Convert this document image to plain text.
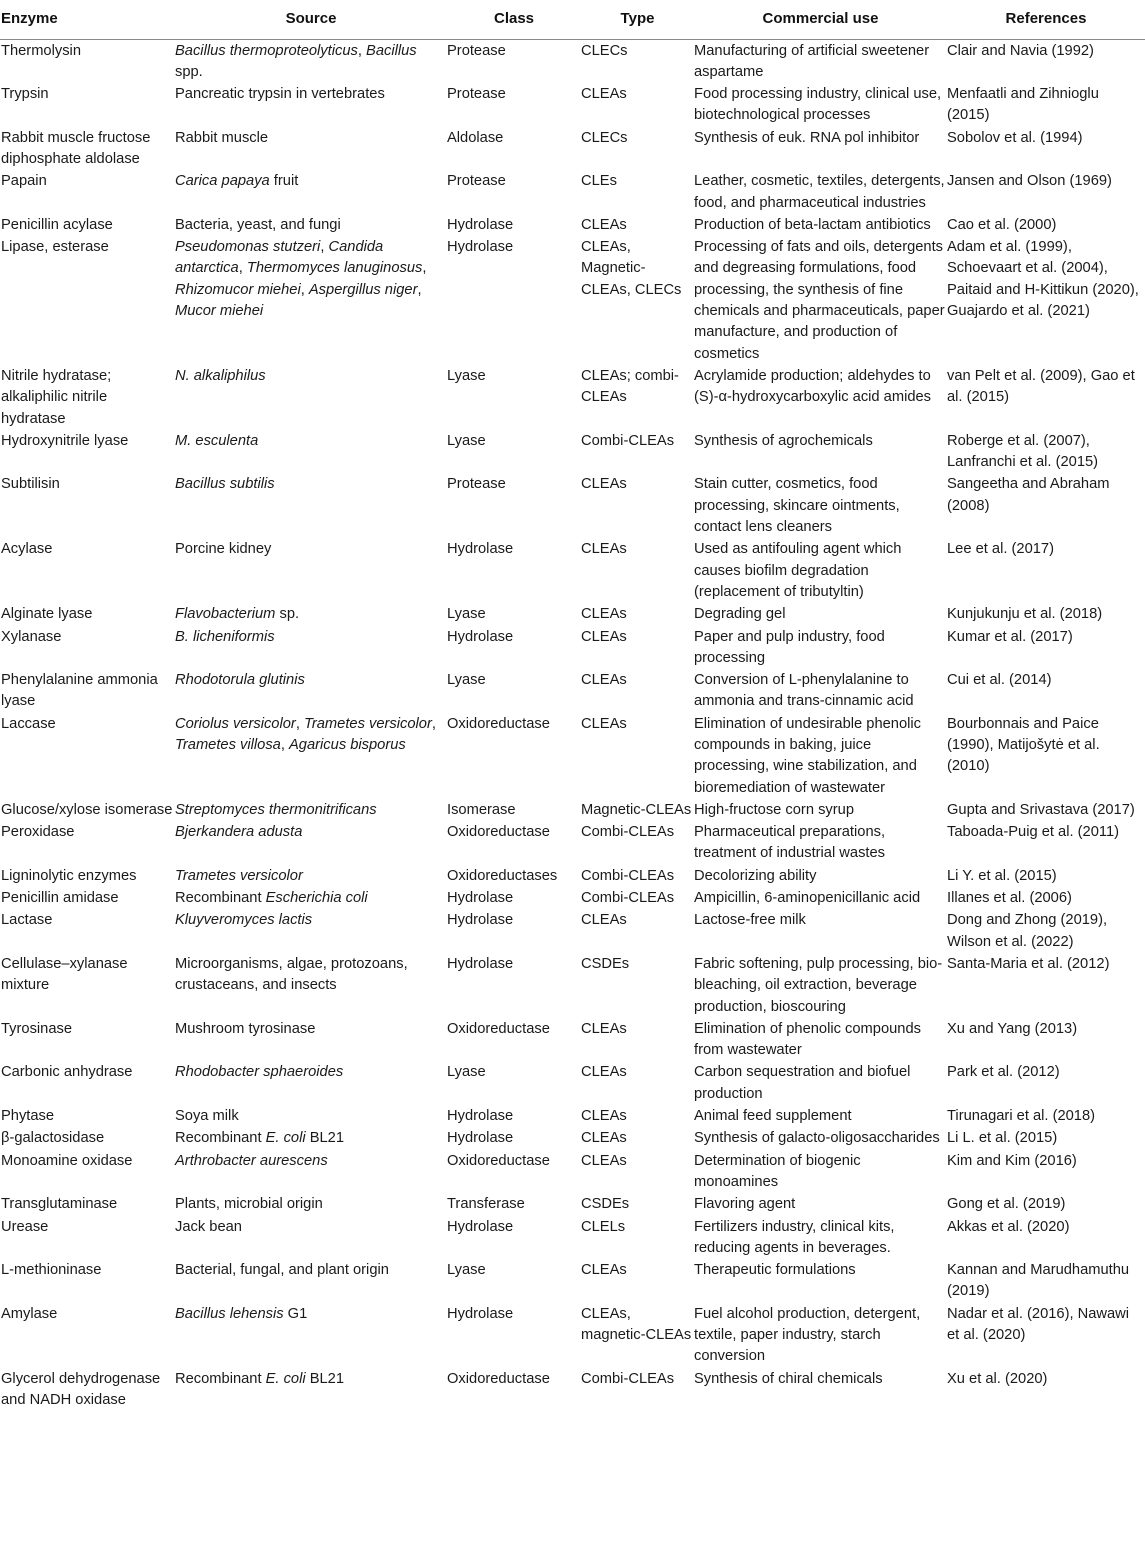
Enzyme	Source	Class	Type	Commercial use	References
Thermolysin	Bacillus thermoproteolyticus, Bacillus spp.	Protease	CLECs	Manufacturing of artificial sweetener aspartame	Clair and Navia (1992)
Trypsin	Pancreatic trypsin in vertebrates	Protease	CLEAs	Food processing industry, clinical use, biotechnological processes	Menfaatli and Zihnioglu (2015)
Rabbit muscle fructose diphosphate aldolase	Rabbit muscle	Aldolase	CLECs	Synthesis of euk. RNA pol inhibitor	Sobolov et al. (1994)
Papain	Carica papaya fruit	Protease	CLEs	Leather, cosmetic, textiles, detergents, food, and pharmaceutical industries	Jansen and Olson (1969)
Penicillin acylase	Bacteria, yeast, and fungi	Hydrolase	CLEAs	Production of beta-lactam antibiotics	Cao et al. (2000)
Lipase, esterase	Pseudomonas stutzeri, Candida antarctica, Thermomyces lanuginosus, Rhizomucor miehei, Aspergillus niger, Mucor miehei	Hydrolase	CLEAs, Magnetic-CLEAs, CLECs	Processing of fats and oils, detergents and degreasing formulations, food processing, the synthesis of fine chemicals and pharmaceuticals, paper manufacture, and production of cosmetics	Adam et al. (1999), Schoevaart et al. (2004), Paitaid and H-Kittikun (2020), Guajardo et al. (2021)
Nitrile hydratase; alkaliphilic nitrile hydratase	N. alkaliphilus	Lyase	CLEAs; combi-CLEAs	Acrylamide production; aldehydes to (S)-α-hydroxycarboxylic acid amides	van Pelt et al. (2009), Gao et al. (2015)
Hydroxynitrile lyase	M. esculenta	Lyase	Combi-CLEAs	Synthesis of agrochemicals	Roberge et al. (2007), Lanfranchi et al. (2015)
Subtilisin	Bacillus subtilis	Protease	CLEAs	Stain cutter, cosmetics, food processing, skincare ointments, contact lens cleaners	Sangeetha and Abraham (2008)
Acylase	Porcine kidney	Hydrolase	CLEAs	Used as antifouling agent which causes biofilm degradation (replacement of tributyltin)	Lee et al. (2017)
Alginate lyase	Flavobacterium sp.	Lyase	CLEAs	Degrading gel	Kunjukunju et al. (2018)
Xylanase	B. licheniformis	Hydrolase	CLEAs	Paper and pulp industry, food processing	Kumar et al. (2017)
Phenylalanine ammonia lyase	Rhodotorula glutinis	Lyase	CLEAs	Conversion of L-phenylalanine to ammonia and trans-cinnamic acid	Cui et al. (2014)
Laccase	Coriolus versicolor, Trametes versicolor, Trametes villosa, Agaricus bisporus	Oxidoreductase	CLEAs	Elimination of undesirable phenolic compounds in baking, juice processing, wine stabilization, and bioremediation of wastewater	Bourbonnais and Paice (1990), Matijošytė et al. (2010)
Glucose/xylose isomerase	Streptomyces thermonitrificans	Isomerase	Magnetic-CLEAs	High-fructose corn syrup	Gupta and Srivastava (2017)
Peroxidase	Bjerkandera adusta	Oxidoreductase	Combi-CLEAs	Pharmaceutical preparations, treatment of industrial wastes	Taboada-Puig et al. (2011)
Ligninolytic enzymes	Trametes versicolor	Oxidoreductases	Combi-CLEAs	Decolorizing ability	Li Y. et al. (2015)
Penicillin amidase	Recombinant Escherichia coli	Hydrolase	Combi-CLEAs	Ampicillin, 6-aminopenicillanic acid	Illanes et al. (2006)
Lactase	Kluyveromyces lactis	Hydrolase	CLEAs	Lactose-free milk	Dong and Zhong (2019), Wilson et al. (2022)
Cellulase–xylanase mixture	Microorganisms, algae, protozoans, crustaceans, and insects	Hydrolase	CSDEs	Fabric softening, pulp processing, bio-bleaching, oil extraction, beverage production, bioscouring	Santa-Maria et al. (2012)
Tyrosinase	Mushroom tyrosinase	Oxidoreductase	CLEAs	Elimination of phenolic compounds from wastewater	Xu and Yang (2013)
Carbonic anhydrase	Rhodobacter sphaeroides	Lyase	CLEAs	Carbon sequestration and biofuel production	Park et al. (2012)
Phytase	Soya milk	Hydrolase	CLEAs	Animal feed supplement	Tirunagari et al. (2018)
β-galactosidase	Recombinant E. coli BL21	Hydrolase	CLEAs	Synthesis of galacto-oligosaccharides	Li L. et al. (2015)
Monoamine oxidase	Arthrobacter aurescens	Oxidoreductase	CLEAs	Determination of biogenic monoamines	Kim and Kim (2016)
Transglutaminase	Plants, microbial origin	Transferase	CSDEs	Flavoring agent	Gong et al. (2019)
Urease	Jack bean	Hydrolase	CLELs	Fertilizers industry, clinical kits, reducing agents in beverages.	Akkas et al. (2020)
L-methioninase	Bacterial, fungal, and plant origin	Lyase	CLEAs	Therapeutic formulations	Kannan and Marudhamuthu (2019)
Amylase	Bacillus lehensis G1	Hydrolase	CLEAs, magnetic-CLEAs	Fuel alcohol production, detergent, textile, paper industry, starch conversion	Nadar et al. (2016), Nawawi et al. (2020)
Glycerol dehydrogenase and NADH oxidase	Recombinant E. coli BL21	Oxidoreductase	Combi-CLEAs	Synthesis of chiral chemicals	Xu et al. (2020)
